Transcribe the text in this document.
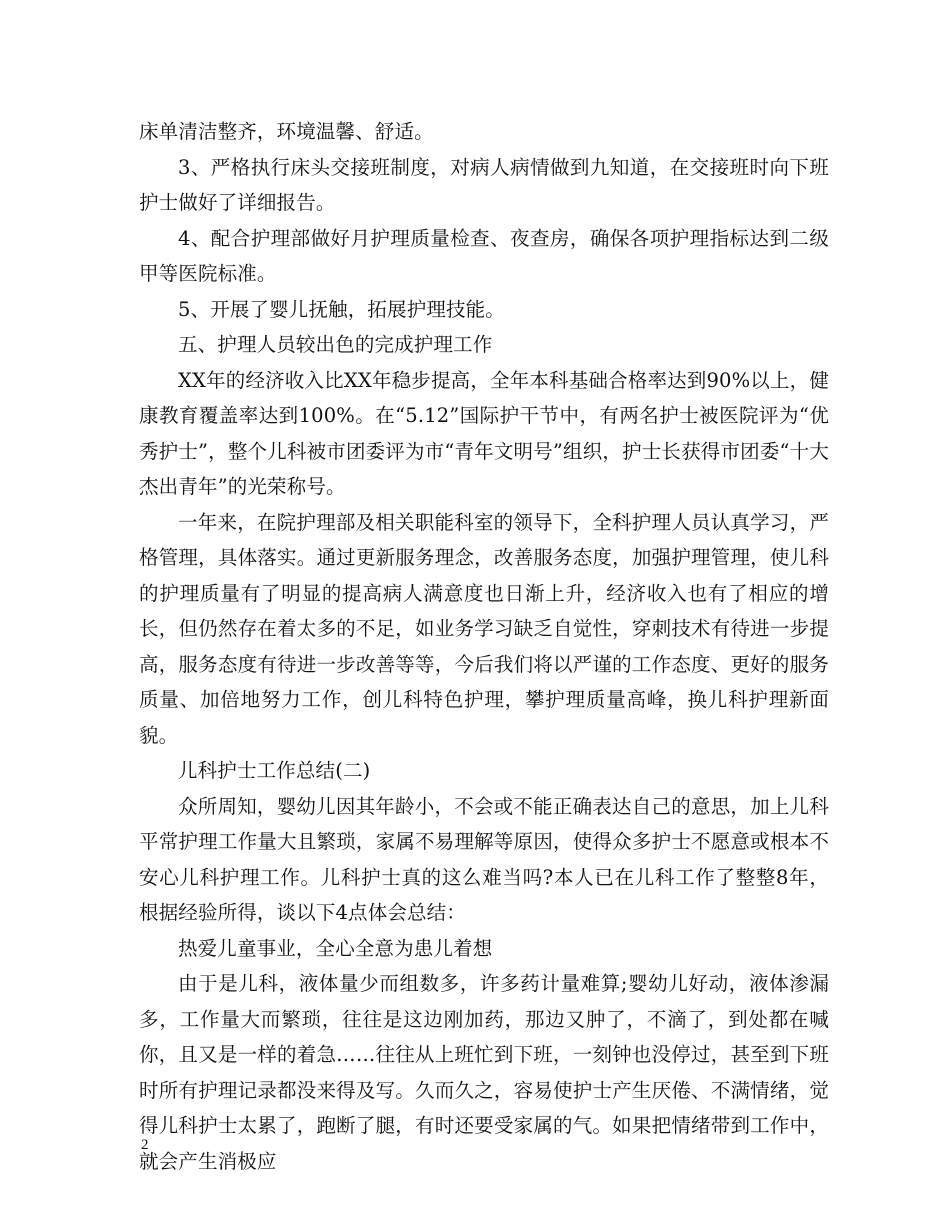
床单清洁整齐，环境温馨、舒适。

3、严格执行床头交接班制度，对病人病情做到九知道，在交接班时向下班护士做好了详细报告。

4、配合护理部做好月护理质量检查、夜查房，确保各项护理指标达到二级甲等医院标准。

5、开展了婴儿抚触，拓展护理技能。

五、护理人员较出色的完成护理工作

XX年的经济收入比XX年稳步提高，全年本科基础合格率达到90%以上，健康教育覆盖率达到100%。在“5.12”国际护干节中，有两名护士被医院评为“优秀护士”，整个儿科被市团委评为市“青年文明号”组织，护士长获得市团委“十大杰出青年”的光荣称号。

一年来，在院护理部及相关职能科室的领导下，全科护理人员认真学习，严格管理，具体落实。通过更新服务理念，改善服务态度，加强护理管理，使儿科的护理质量有了明显的提高病人满意度也日渐上升，经济收入也有了相应的增长，但仍然存在着太多的不足，如业务学习缺乏自觉性，穿刺技术有待进一步提高，服务态度有待进一步改善等等，今后我们将以严谨的工作态度、更好的服务质量、加倍地努力工作，创儿科特色护理，攀护理质量高峰，换儿科护理新面貌。

儿科护士工作总结(二)

众所周知，婴幼儿因其年龄小，不会或不能正确表达自己的意思，加上儿科平常护理工作量大且繁琐，家属不易理解等原因，使得众多护士不愿意或根本不安心儿科护理工作。儿科护士真的这么难当吗?本人已在儿科工作了整整8年，根据经验所得，谈以下4点体会总结：

热爱儿童事业，全心全意为患儿着想

由于是儿科，液体量少而组数多，许多药计量难算;婴幼儿好动，液体渗漏多，工作量大而繁琐，往往是这边刚加药，那边又肿了，不滴了，到处都在喊你，且又是一样的着急……往往从上班忙到下班，一刻钟也没停过，甚至到下班时所有护理记录都没来得及写。久而久之，容易使护士产生厌倦、不满情绪，觉得儿科护士太累了，跑断了腿，有时还要受家属的气。如果把情绪带到工作中，就会产生消极应

2
